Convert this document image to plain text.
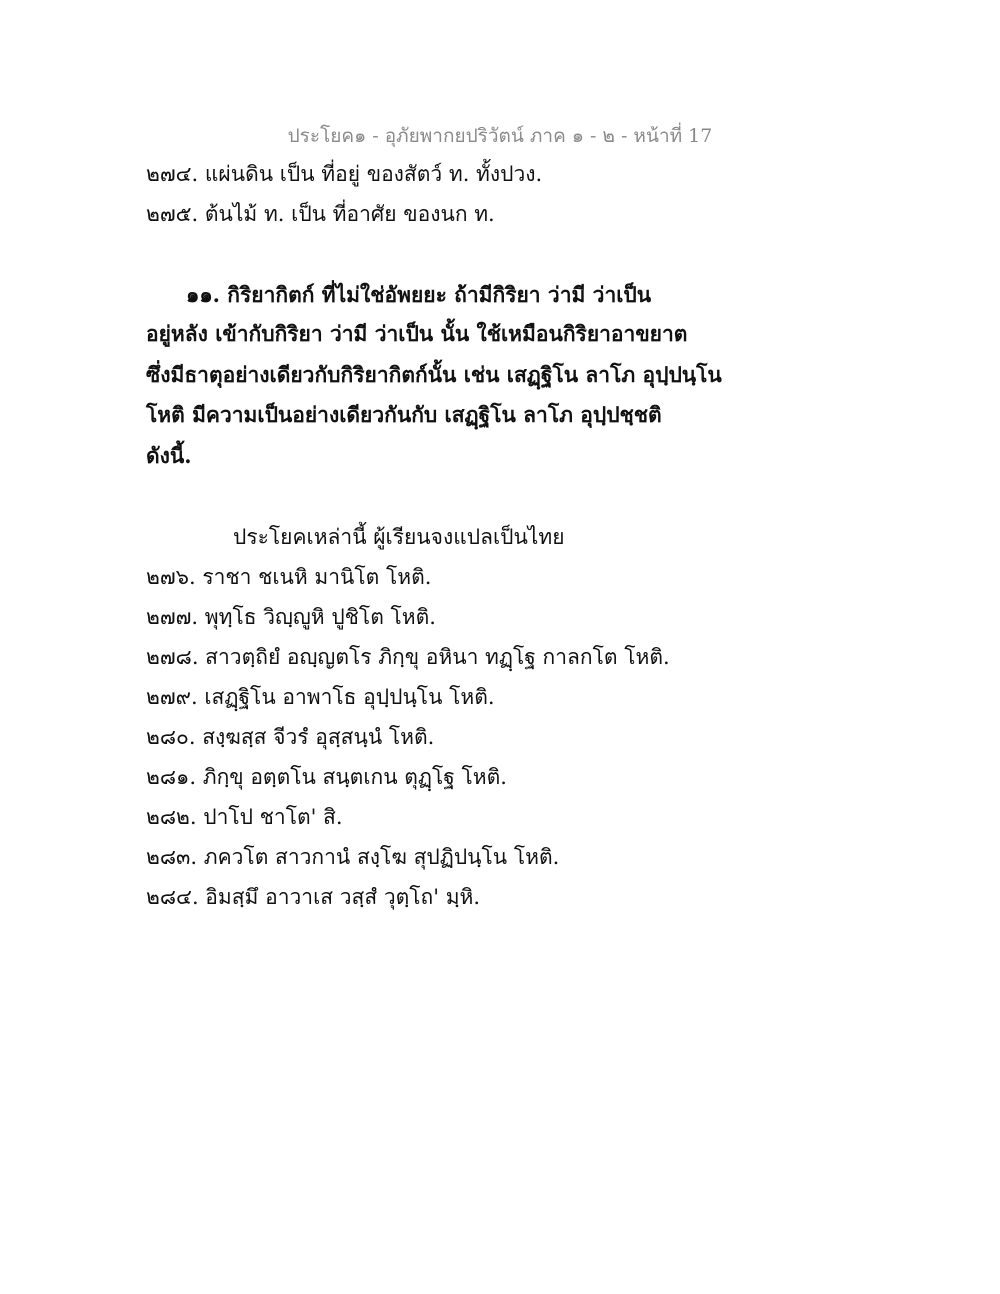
ประโยค๑ - อุภัยพากยปริวัตน์ ภาค ๑ - ๒ - หน้าที่ 17
๒๗๔. แผ่นดิน เป็น ที่อยู่ ของสัตว์ ท. ทั้งปวง.
๒๗๕. ต้นไม้ ท. เป็น ที่อาศัย ของนก ท.
๑๑. กิริยากิตก์ ที่ไม่ใช่อัพยยะ ถ้ามีกิริยา ว่ามี ว่าเป็น
อยู่หลัง เข้ากับกิริยา ว่ามี ว่าเป็น นั้น ใช้เหมือนกิริยาอาขยาต
ซึ่งมีธาตุอย่างเดียวกับกิริยากิตก์นั้น เช่น เสฏฺฐิโน ลาโภ อุปฺปนฺโน
โหติ มีความเป็นอย่างเดียวกันกับ เสฏฺฐิโน ลาโภ อุปฺปชฺชติ
ดังนี้.
ประโยคเหล่านี้ ผู้เรียนจงแปลเป็นไทย
๒๗๖. ราชา ชเนหิ มานิโต โหติ.
๒๗๗. พุทฺโธ วิญฺญูหิ ปูชิโต โหติ.
๒๗๘. สาวตฺถิยํ อญฺญตโร ภิกฺขุ อหินา ทฏฺโฐ กาลกโต โหติ.
๒๗๙. เสฏฺฐิโน อาพาโธ อุปฺปนฺโน โหติ.
๒๘๐. สงฺฆสฺส จีวรํ อุสฺสนฺนํ โหติ.
๒๘๑. ภิกฺขุ อตฺตโน สนฺตเกน ตุฏฺโฐ โหติ.
๒๘๒. ปาโป ชาโต' สิ.
๒๘๓. ภควโต สาวกานํ สงฺโฆ สุปฏิปนฺโน โหติ.
๒๘๔. อิมสฺมึ อาวาเส วสฺสํ วุตฺโถ' มฺหิ.
